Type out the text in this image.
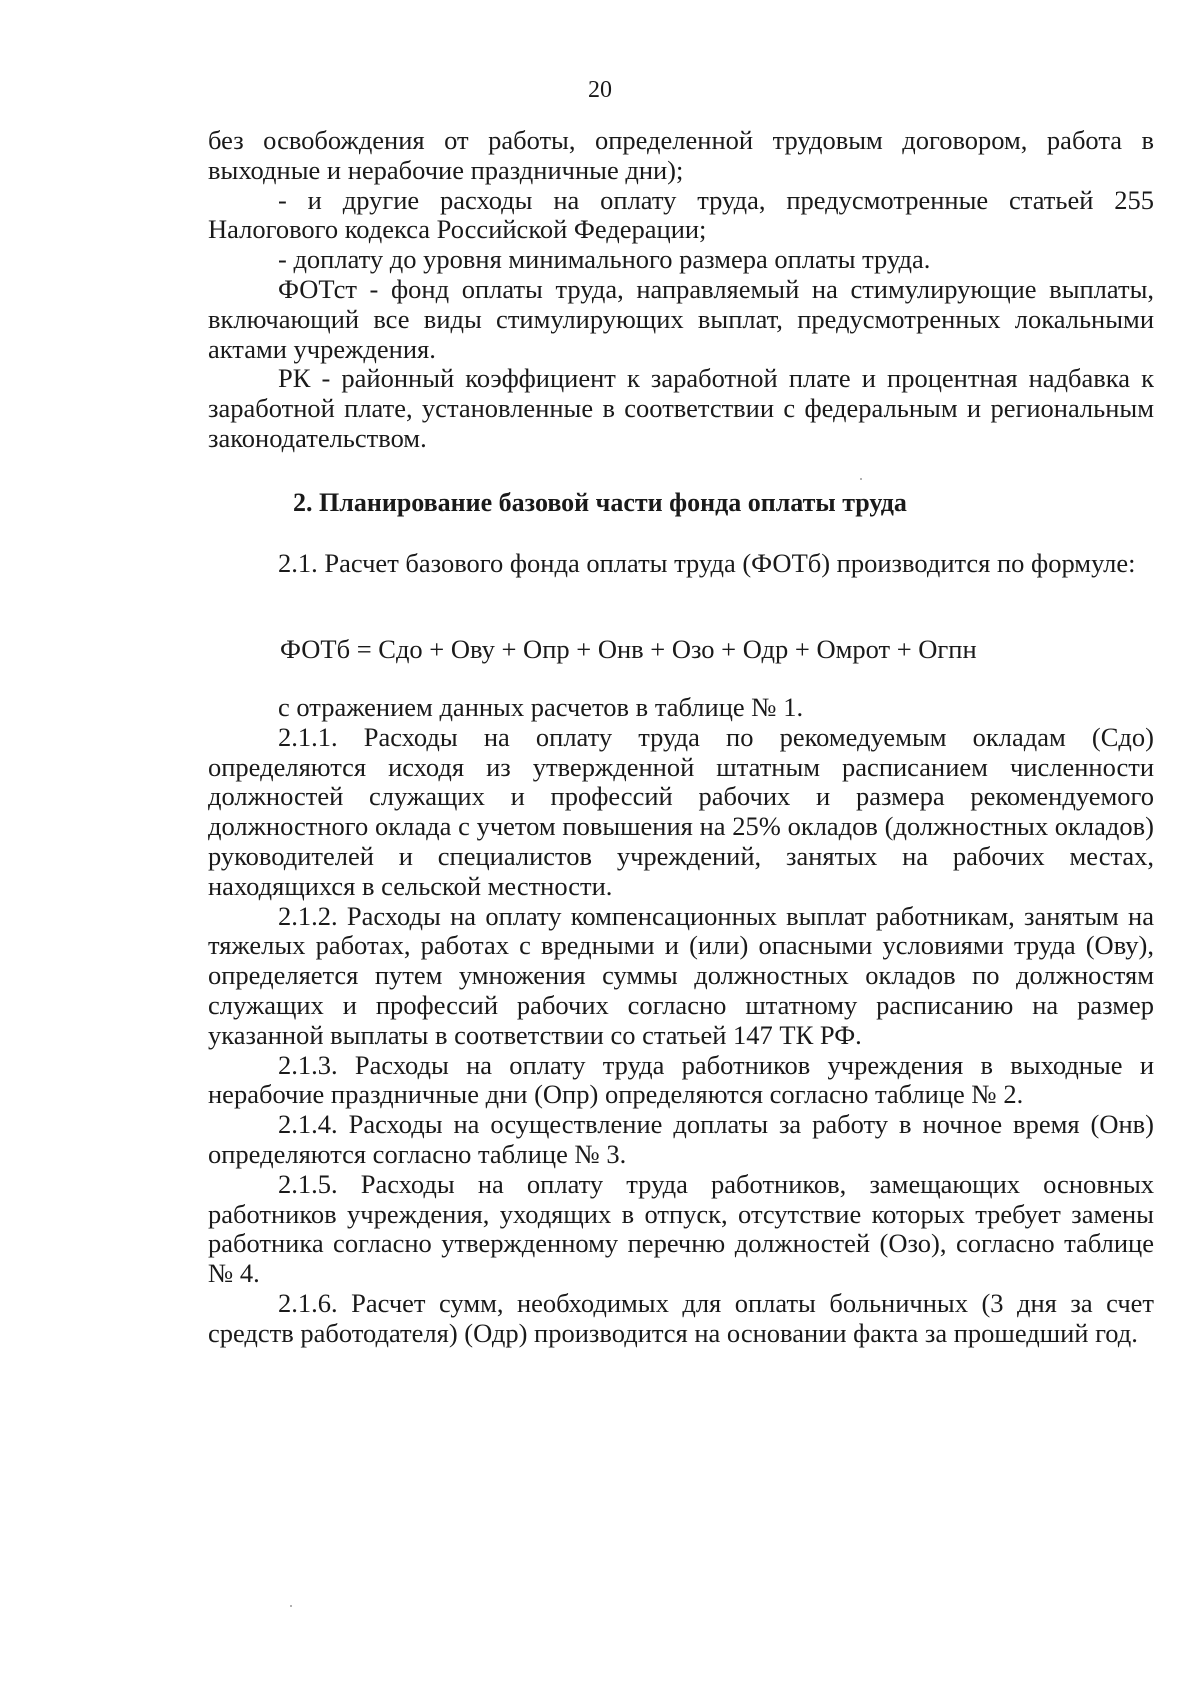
20

без освобождения от работы, определенной трудовым договором, работа в выходные и нерабочие праздничные дни);

- и другие расходы на оплату труда, предусмотренные статьей 255 Налогового кодекса Российской Федерации;

- доплату до уровня минимального размера оплаты труда.

ФОТст - фонд оплаты труда, направляемый на стимулирующие выплаты, включающий все виды стимулирующих выплат, предусмотренных локальными актами учреждения.

РК - районный коэффициент к заработной плате и процентная надбавка к заработной плате, установленные в соответствии с федеральным и региональным законодательством.

2. Планирование базовой части фонда оплаты труда

2.1. Расчет базового фонда оплаты труда (ФОТб) производится по формуле:

ФОТб = Сдо + Ову + Опр + Онв + Озо + Одр + Омрот + Огпн

с отражением данных расчетов в таблице № 1.

2.1.1. Расходы на оплату труда по рекомедуемым окладам (Сдо) определяются исходя из утвержденной штатным расписанием численности должностей служащих и профессий рабочих и размера рекомендуемого должностного оклада с учетом повышения на 25% окладов (должностных окладов) руководителей и специалистов учреждений, занятых на рабочих местах, находящихся в сельской местности.

2.1.2. Расходы на оплату компенсационных выплат работникам, занятым на тяжелых работах, работах с вредными и (или) опасными условиями труда (Ову), определяется путем умножения суммы должностных окладов по должностям служащих и профессий рабочих согласно штатному расписанию на размер указанной выплаты в соответствии со статьей 147 ТК РФ.

2.1.3. Расходы на оплату труда работников учреждения в выходные и нерабочие праздничные дни (Опр) определяются согласно таблице № 2.

2.1.4. Расходы на осуществление доплаты за работу в ночное время (Онв) определяются согласно таблице № 3.

2.1.5. Расходы на оплату труда работников, замещающих основных работников учреждения, уходящих в отпуск, отсутствие которых требует замены работника согласно утвержденному перечню должностей (Озо), согласно таблице № 4.

2.1.6. Расчет сумм, необходимых для оплаты больничных (3 дня за счет средств работодателя) (Одр) производится на основании факта за прошедший год.
